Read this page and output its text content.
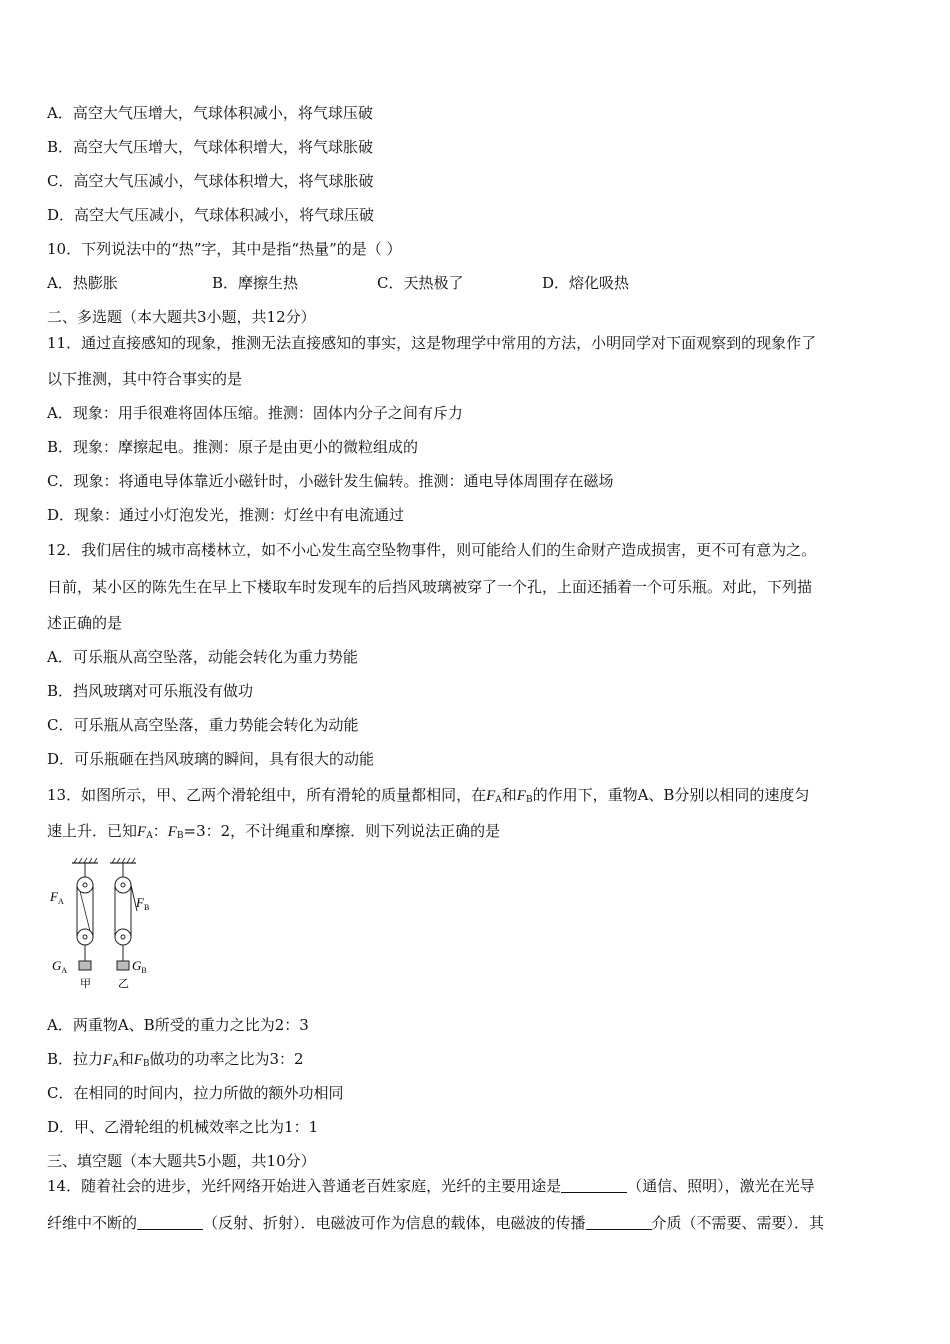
A．高空大气压增大，气球体积减小，将气球压破
B．高空大气压增大，气球体积增大，将气球胀破
C．高空大气压减小，气球体积增大，将气球胀破
D．高空大气压减小，气球体积减小，将气球压破
10．下列说法中的“热”字，其中是指“热量”的是（ ）
A．热膨胀	B．摩擦生热	C．天热极了	D．熔化吸热
二、多选题（本大题共3小题，共12分）
11．通过直接感知的现象，推测无法直接感知的事实，这是物理学中常用的方法，小明同学对下面观察到的现象作了
以下推测，其中符合事实的是
A．现象：用手很难将固体压缩。推测：固体内分子之间有斥力
B．现象：摩擦起电。推测：原子是由更小的微粒组成的
C．现象：将通电导体靠近小磁针时，小磁针发生偏转。推测：通电导体周围存在磁场
D．现象：通过小灯泡发光，推测：灯丝中有电流通过
12．我们居住的城市高楼林立，如不小心发生高空坠物事件，则可能给人们的生命财产造成损害，更不可有意为之。
日前，某小区的陈先生在早上下楼取车时发现车的后挡风玻璃被穿了一个孔，上面还插着一个可乐瓶。对此，下列描
述正确的是
A．可乐瓶从高空坠落，动能会转化为重力势能
B．挡风玻璃对可乐瓶没有做功
C．可乐瓶从高空坠落，重力势能会转化为动能
D．可乐瓶砸在挡风玻璃的瞬间，具有很大的动能
13．如图所示，甲、乙两个滑轮组中，所有滑轮的质量都相同，在$F_A$和$F_B$的作用下，重物A、B分别以相同的速度匀
速上升．已知$F_A$：$F_B=3$：2，不计绳重和摩擦．则下列说法正确的是
$F_A$	$F_B$
$G_A$	$G_B$
甲 乙
A．两重物A、B所受的重力之比为2：3
B．拉力$F_A$和$F_B$做功的功率之比为3：2
C．在相同的时间内，拉力所做的额外功相同
D．甲、乙滑轮组的机械效率之比为1：1
三、填空题（本大题共5小题，共10分）
14．随着社会的进步，光纤网络开始进入普通老百姓家庭，光纤的主要用途是	（通信、照明），激光在光导
纤维中不断的	（反射、折射）．电磁波可作为信息的载体，电磁波的传播	介质（不需要、需要）．其
